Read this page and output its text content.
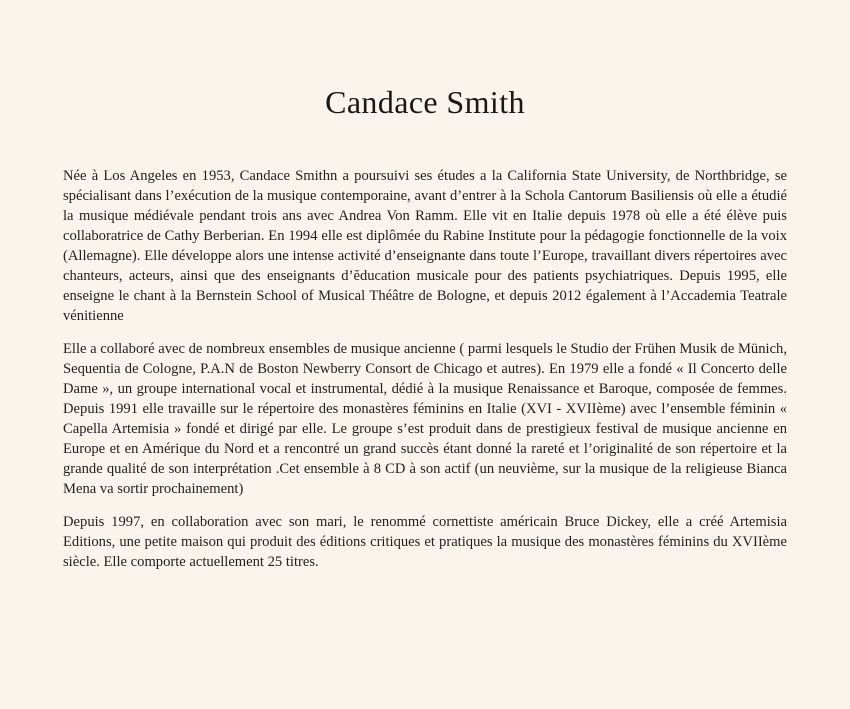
Candace Smith

Née à Los Angeles en 1953, Candace Smithn a poursuivi ses études a la California State University, de Northbridge, se spécialisant dans l’exécution de la musique contemporaine, avant d’entrer à la Schola Cantorum Basiliensis où elle a étudié la musique médiévale pendant trois ans avec Andrea Von Ramm. Elle vit en Italie depuis 1978 où elle a été élève puis collaboratrice de Cathy Berberian. En 1994 elle est diplômée du Rabine Institute pour la pédagogie fonctionnelle de la voix (Allemagne). Elle développe alors une intense activité d’enseignante dans toute l’Europe, travaillant divers répertoires avec chanteurs, acteurs, ainsi que des enseignants d’ĕducation musicale pour des patients psychiatriques. Depuis 1995, elle enseigne le chant à la Bernstein School of Musical Théâtre de Bologne, et depuis 2012 également à l’Accademia Teatrale vénitienne

Elle a collaboré avec de nombreux ensembles de musique ancienne ( parmi lesquels le Studio der Frühen Musik de Münich, Sequentia de Cologne, P.A.N de Boston Newberry Consort de Chicago et autres). En 1979 elle a fondé « Il Concerto delle Dame », un groupe international vocal et instrumental, dédié à la musique Renaissance et Baroque, composée de femmes. Depuis 1991 elle travaille sur le répertoire des monastères féminins en Italie (XVI - XVIIème) avec l’ensemble féminin « Capella Artemisia » fondé et dirigé par elle. Le groupe s’est produit dans de prestigieux festival de musique ancienne en Europe et en Amérique du Nord et a rencontré un grand succès étant donné la rareté et l’originalité de son répertoire et la grande qualité de son interprétation .Cet ensemble à 8 CD à son actif (un neuvième, sur la musique de la religieuse Bianca Mena va sortir prochainement)

Depuis 1997, en collaboration avec son mari, le renommé cornettiste américain Bruce Dickey, elle a créé Artemisia Editions, une petite maison qui produit des éditions critiques et pratiques la musique des monastères féminins du XVIIème siècle. Elle comporte actuellement 25 titres.
